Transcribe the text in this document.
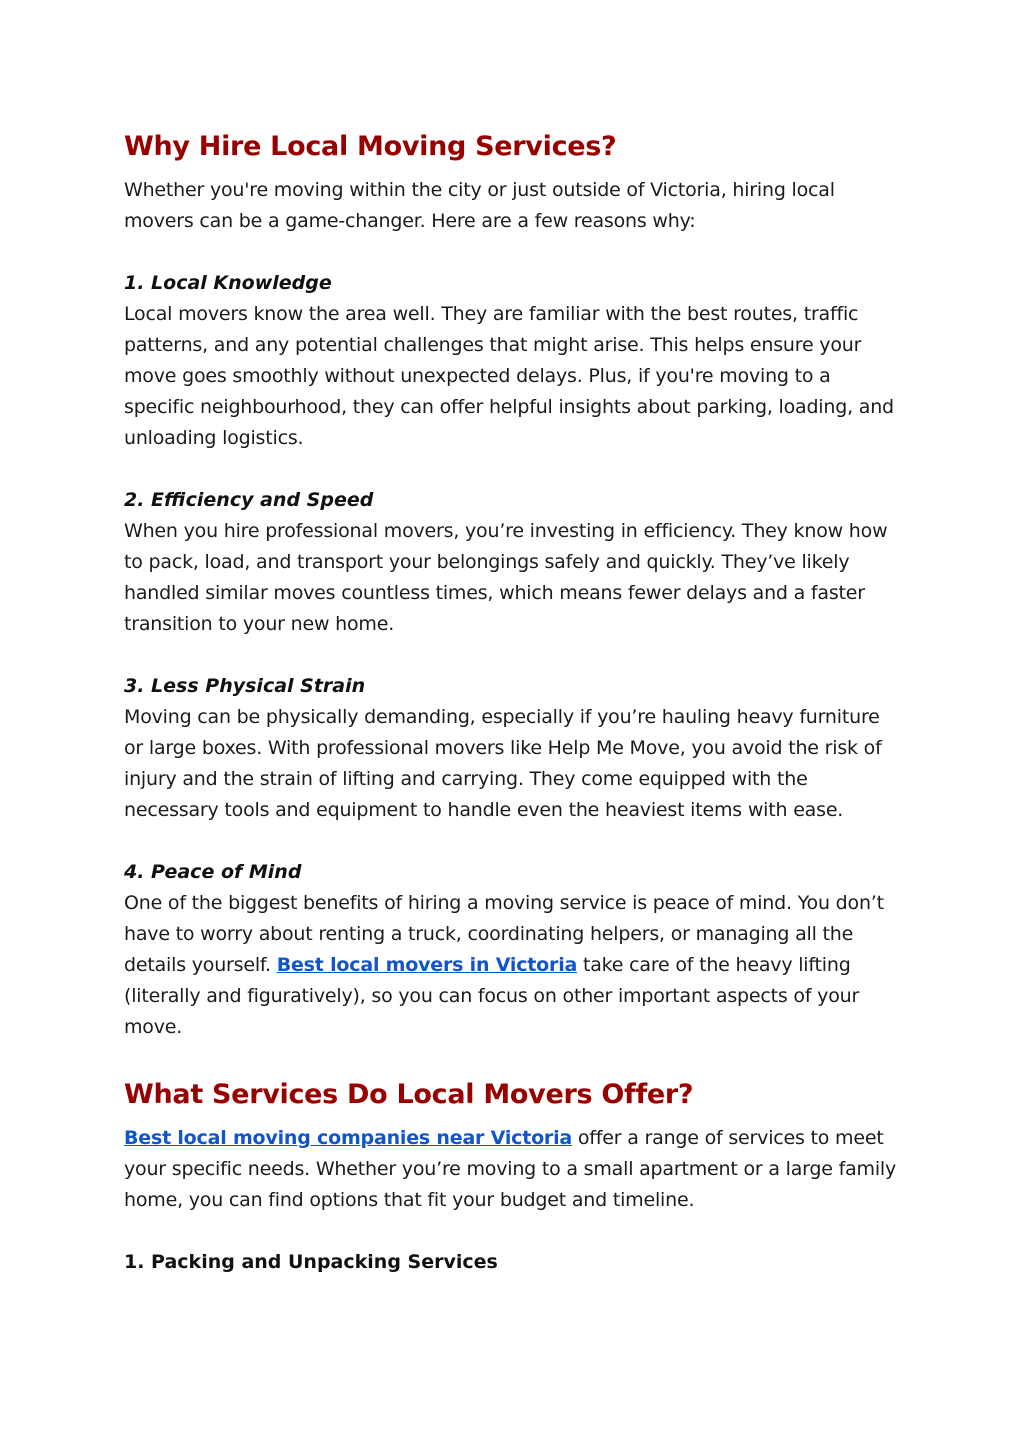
Why Hire Local Moving Services?

Whether you're moving within the city or just outside of Victoria, hiring local movers can be a game-changer. Here are a few reasons why:

1. Local Knowledge

Local movers know the area well. They are familiar with the best routes, traffic patterns, and any potential challenges that might arise. This helps ensure your move goes smoothly without unexpected delays. Plus, if you're moving to a specific neighbourhood, they can offer helpful insights about parking, loading, and unloading logistics.

2. Efficiency and Speed

When you hire professional movers, you’re investing in efficiency. They know how to pack, load, and transport your belongings safely and quickly. They’ve likely handled similar moves countless times, which means fewer delays and a faster transition to your new home.

3. Less Physical Strain

Moving can be physically demanding, especially if you’re hauling heavy furniture or large boxes. With professional movers like Help Me Move, you avoid the risk of injury and the strain of lifting and carrying. They come equipped with the necessary tools and equipment to handle even the heaviest items with ease.

4. Peace of Mind

One of the biggest benefits of hiring a moving service is peace of mind. You don’t have to worry about renting a truck, coordinating helpers, or managing all the details yourself. Best local movers in Victoria take care of the heavy lifting (literally and figuratively), so you can focus on other important aspects of your move.

What Services Do Local Movers Offer?

Best local moving companies near Victoria offer a range of services to meet your specific needs. Whether you’re moving to a small apartment or a large family home, you can find options that fit your budget and timeline.

1. Packing and Unpacking Services
